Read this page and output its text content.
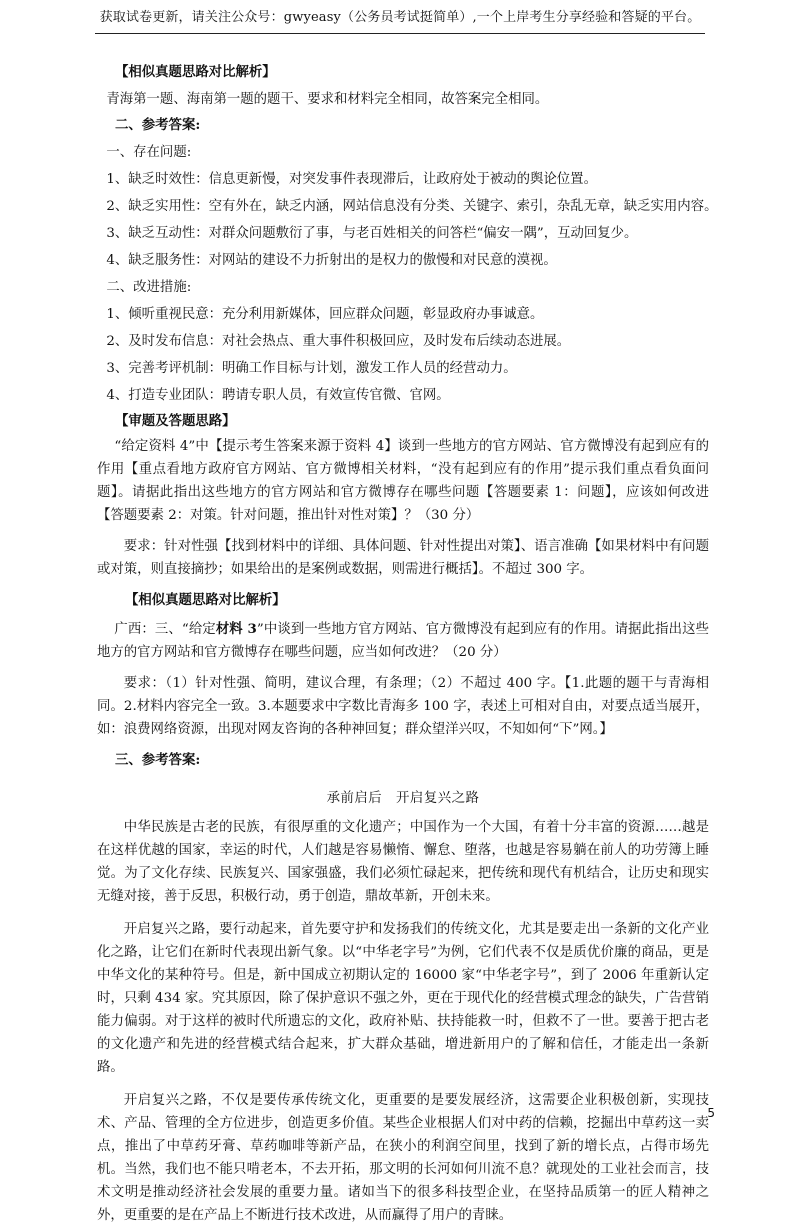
获取试卷更新，请关注公众号：gwyeasy（公务员考试挺简单）,一个上岸考生分享经验和答疑的平台。

【相似真题思路对比解析】

青海第一题、海南第一题的题干、要求和材料完全相同，故答案完全相同。

二、参考答案:

一、存在问题:

1、缺乏时效性：信息更新慢，对突发事件表现滞后，让政府处于被动的舆论位置。

2、缺乏实用性：空有外在，缺乏内涵，网站信息没有分类、关键字、索引，杂乱无章，缺乏实用内容。

3、缺乏互动性：对群众问题敷衍了事，与老百姓相关的问答栏“偏安一隅”，互动回复少。

4、缺乏服务性：对网站的建设不力折射出的是权力的傲慢和对民意的漠视。

二、改进措施:

1、倾听重视民意：充分利用新媒体，回应群众问题，彰显政府办事诚意。

2、及时发布信息：对社会热点、重大事件积极回应，及时发布后续动态进展。

3、完善考评机制：明确工作目标与计划，激发工作人员的经营动力。

4、打造专业团队：聘请专职人员，有效宣传官微、官网。

【审题及答题思路】

“给定资料 4”中【提示考生答案来源于资料 4】谈到一些地方的官方网站、官方微博没有起到应有的作用【重点看地方政府官方网站、官方微博相关材料，“没有起到应有的作用”提示我们重点看负面问题】。请据此指出这些地方的官方网站和官方微博存在哪些问题【答题要素 1：问题】，应该如何改进【答题要素 2：对策。针对问题，推出针对性对策】？（30 分）

要求：针对性强【找到材料中的详细、具体问题、针对性提出对策】、语言准确【如果材料中有问题或对策，则直接摘抄；如果给出的是案例或数据，则需进行概括】。不超过 300 字。

【相似真题思路对比解析】

广西：三、“给定材料 3”中谈到一些地方官方网站、官方微博没有起到应有的作用。请据此指出这些地方的官方网站和官方微博存在哪些问题，应当如何改进？（20 分）

要求：（1）针对性强、简明，建议合理，有条理；（2）不超过 400 字。【1.此题的题干与青海相同。2.材料内容完全一致。3.本题要求中字数比青海多 100 字，表述上可相对自由，对要点适当展开，如：浪费网络资源，出现对网友咨询的各种神回复；群众望洋兴叹，不知如何“下”网。】

三、参考答案:

承前启后　开启复兴之路

中华民族是古老的民族，有很厚重的文化遗产；中国作为一个大国，有着十分丰富的资源……越是在这样优越的国家，幸运的时代，人们越是容易懒惰、懈怠、堕落，也越是容易躺在前人的功劳簿上睡觉。为了文化存续、民族复兴、国家强盛，我们必须忙碌起来，把传统和现代有机结合，让历史和现实无缝对接，善于反思，积极行动，勇于创造，鼎故革新，开创未来。

开启复兴之路，要行动起来，首先要守护和发扬我们的传统文化，尤其是要走出一条新的文化产业化之路，让它们在新时代表现出新气象。以“中华老字号”为例，它们代表不仅是质优价廉的商品，更是中华文化的某种符号。但是，新中国成立初期认定的 16000 家“中华老字号”，到了 2006 年重新认定时，只剩 434 家。究其原因，除了保护意识不强之外，更在于现代化的经营模式理念的缺失，广告营销能力偏弱。对于这样的被时代所遗忘的文化，政府补贴、扶持能救一时，但救不了一世。要善于把古老的文化遗产和先进的经营模式结合起来，扩大群众基础，增进新用户的了解和信任，才能走出一条新路。

开启复兴之路，不仅是要传承传统文化，更重要的是要发展经济，这需要企业积极创新，实现技术、产品、管理的全方位进步，创造更多价值。某些企业根据人们对中药的信赖，挖掘出中草药这一卖点，推出了中草药牙膏、草药咖啡等新产品，在狭小的利润空间里，找到了新的增长点，占得市场先机。当然，我们也不能只啃老本，不去开拓，那文明的长河如何川流不息？就现处的工业社会而言，技术文明是推动经济社会发展的重要力量。诸如当下的很多科技型企业，在坚持品质第一的匠人精神之外，更重要的是在产品上不断进行技术改进，从而赢得了用户的青睐。

5
